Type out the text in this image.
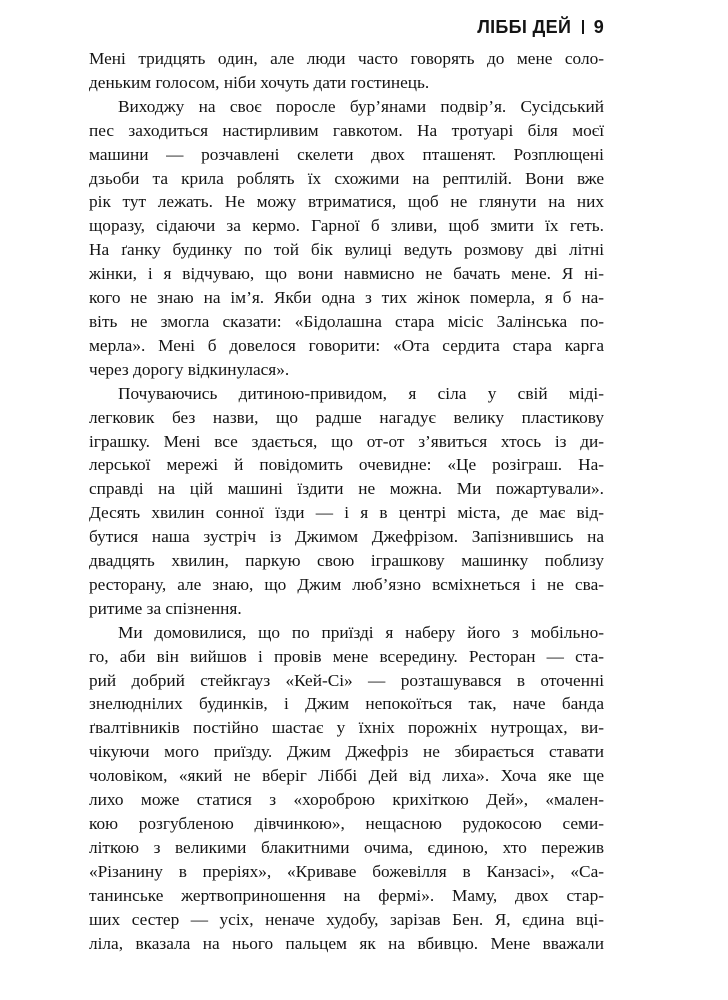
ЛІББІ ДЕЙ 9

Мені тридцять один, але люди часто говорять до мене соло-

деньким голосом, ніби хочуть дати гостинець.

Виходжу на своє поросле бур’янами подвір’я. Сусідський

пес заходиться настирливим гавкотом. На тротуарі біля моєї

машини — розчавлені скелети двох пташенят. Розплющені

дзьоби та крила роблять їх схожими на рептилій. Вони вже

рік тут лежать. Не можу втриматися, щоб не глянути на них

щоразу, сідаючи за кермо. Гарної б зливи, щоб змити їх геть.

На ґанку будинку по той бік вулиці ведуть розмову дві літні

жінки, і я відчуваю, що вони навмисно не бачать мене. Я ні-

кого не знаю на ім’я. Якби одна з тих жінок померла, я б на-

віть не змогла сказати: «Бідолашна стара місіс Залінська по-

мерла». Мені б довелося говорити: «Ота сердита стара карга

через дорогу відкинулася».

Почуваючись дитиною-привидом, я сіла у свій міді-

легковик без назви, що радше нагадує велику пластикову

іграшку. Мені все здається, що от-от з’явиться хтось із ди-

лерської мережі й повідомить очевидне: «Це розіграш. На-

справді на цій машині їздити не можна. Ми пожартували».

Десять хвилин сонної їзди — і я в центрі міста, де має від-

бутися наша зустріч із Джимом Джефрізом. Запізнившись на

двадцять хвилин, паркую свою іграшкову машинку поблизу

ресторану, але знаю, що Джим люб’язно всміхнеться і не сва-

ритиме за спізнення.

Ми домовилися, що по приїзді я наберу його з мобільно-

го, аби він вийшов і провів мене всередину. Ресторан — ста-

рий добрий стейкгауз «Кей-Сі» — розташувався в оточенні

знелюднілих будинків, і Джим непокоїться так, наче банда

ґвалтівників постійно шастає у їхніх порожніх нутрощах, ви-

чікуючи мого приїзду. Джим Джефріз не збирається ставати

чоловіком, «який не вберіг Ліббі Дей від лиха». Хоча яке ще

лихо може статися з «хороброю крихіткою Дей», «мален-

кою розгубленою дівчинкою», нещасною рудокосою семи-

літкою з великими блакитними очима, єдиною, хто пережив

«Різанину в преріях», «Криваве божевілля в Канзасі», «Са-

танинське жертвоприношення на фермі». Маму, двох стар-

ших сестер — усіх, неначе худобу, зарізав Бен. Я, єдина вці-

ліла, вказала на нього пальцем як на вбивцю. Мене вважали
